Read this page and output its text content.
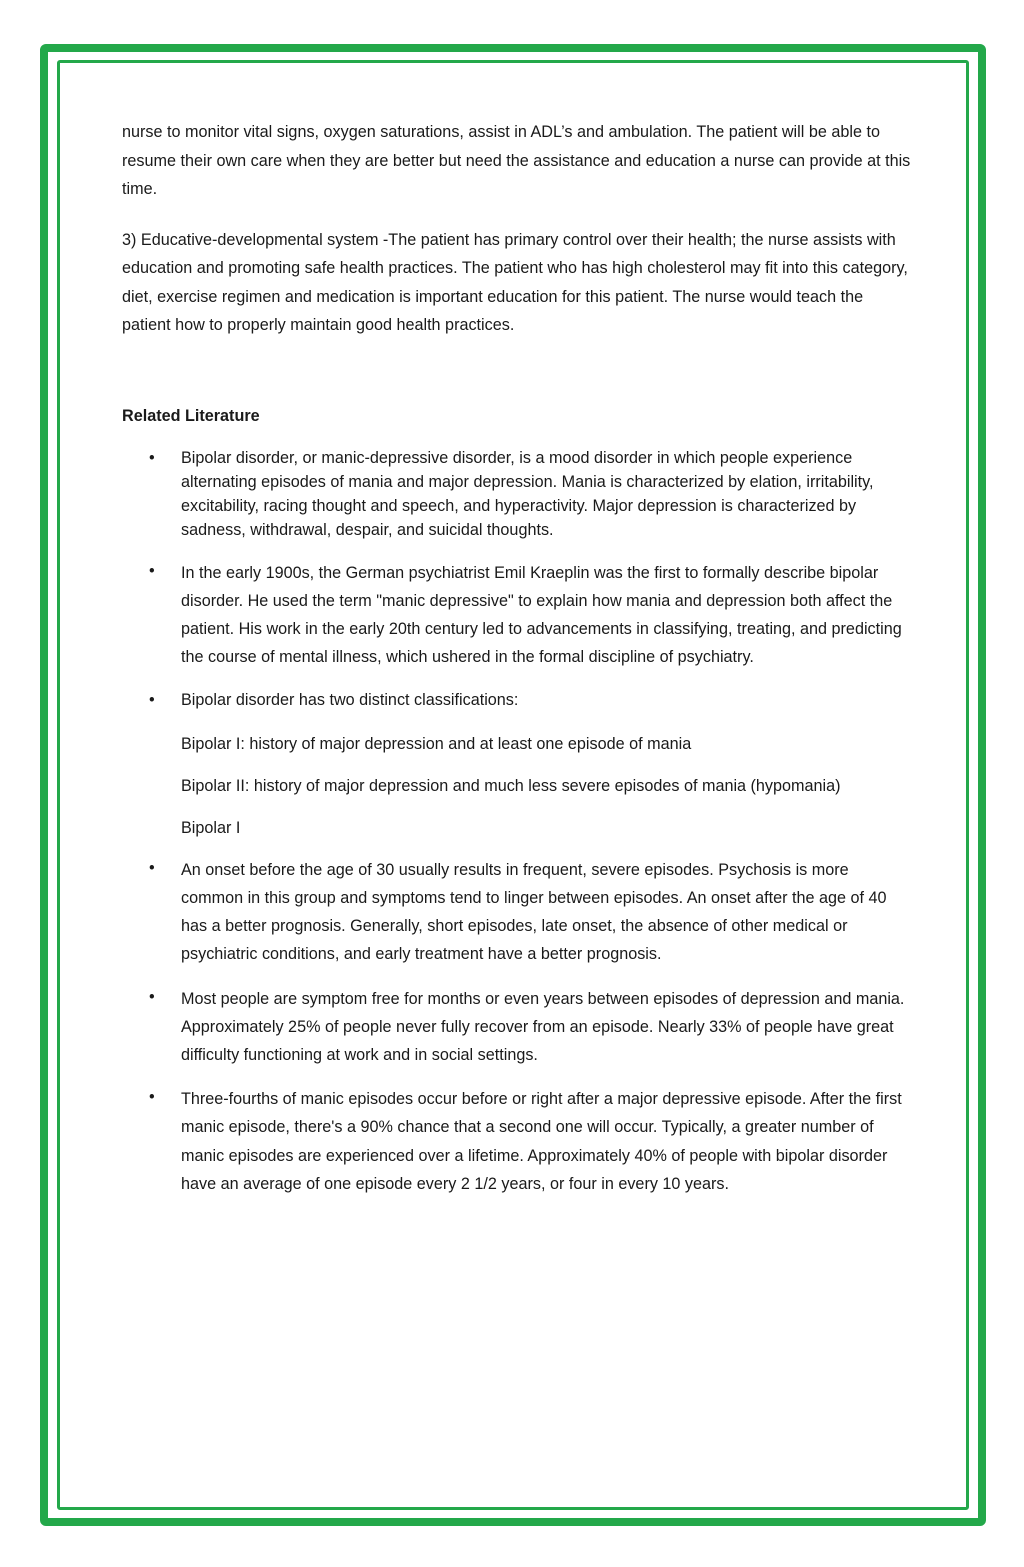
nurse to monitor vital signs, oxygen saturations, assist in ADL’s and ambulation. The patient will be able to resume their own care when they are better but need the assistance and education a nurse can provide at this time.

3) Educative-developmental system -The patient has primary control over their health; the nurse assists with education and promoting safe health practices. The patient who has high cholesterol may fit into this category, diet, exercise regimen and medication is important education for this patient. The nurse would teach the patient how to properly maintain good health practices.

Related Literature
• Bipolar disorder, or manic-depressive disorder, is a mood disorder in which people experience alternating episodes of mania and major depression. Mania is characterized by elation, irritability, excitability, racing thought and speech, and hyperactivity. Major depression is characterized by sadness, withdrawal, despair, and suicidal thoughts.

• In the early 1900s, the German psychiatrist Emil Kraeplin was the first to formally describe bipolar disorder. He used the term "manic depressive" to explain how mania and depression both affect the patient. His work in the early 20th century led to advancements in classifying, treating, and predicting the course of mental illness, which ushered in the formal discipline of psychiatry.

• Bipolar disorder has two distinct classifications:

Bipolar I: history of major depression and at least one episode of mania

Bipolar II: history of major depression and much less severe episodes of mania (hypomania)

Bipolar I

• An onset before the age of 30 usually results in frequent, severe episodes. Psychosis is more common in this group and symptoms tend to linger between episodes. An onset after the age of 40 has a better prognosis. Generally, short episodes, late onset, the absence of other medical or psychiatric conditions, and early treatment have a better prognosis.

• Most people are symptom free for months or even years between episodes of depression and mania. Approximately 25% of people never fully recover from an episode. Nearly 33% of people have great difficulty functioning at work and in social settings.

• Three-fourths of manic episodes occur before or right after a major depressive episode. After the first manic episode, there's a 90% chance that a second one will occur. Typically, a greater number of manic episodes are experienced over a lifetime. Approximately 40% of people with bipolar disorder have an average of one episode every 2 1/2 years, or four in every 10 years.
